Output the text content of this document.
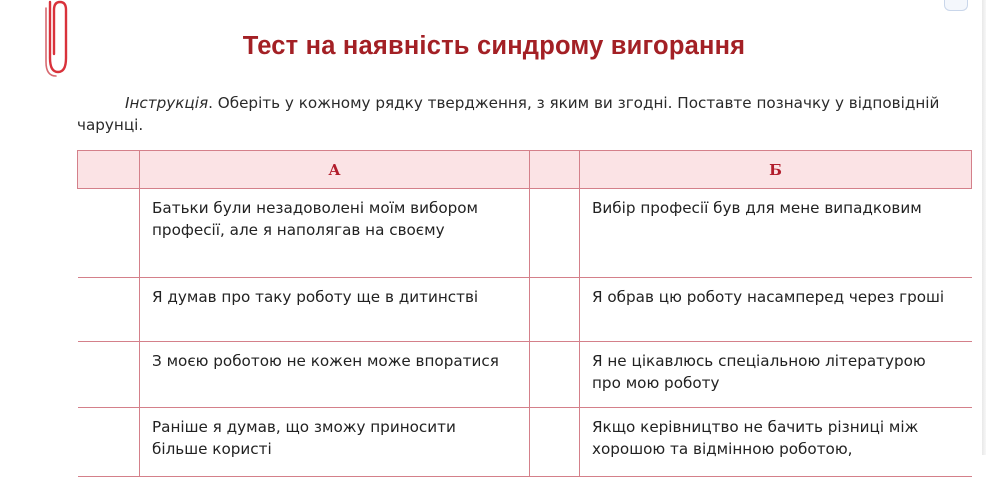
Тест на наявність синдрому вигорання

Інструкція. Оберіть у кожному рядку твердження, з яким ви згодні. Поставте позначку у відповідній чарунці.

	А		Б
	Батьки були незадоволені моїм вибором професії, але я наполягав на своєму		Вибір професії був для мене випадковим
	Я думав про таку роботу ще в дитинстві		Я обрав цю роботу насамперед через гроші
	З моєю роботою не кожен може впоратися		Я не цікавлюсь спеціальною літературою про мою роботу
	Раніше я думав, що зможу приносити більше користі		Якщо керівництво не бачить різниці між хорошою та відмінною роботою,
